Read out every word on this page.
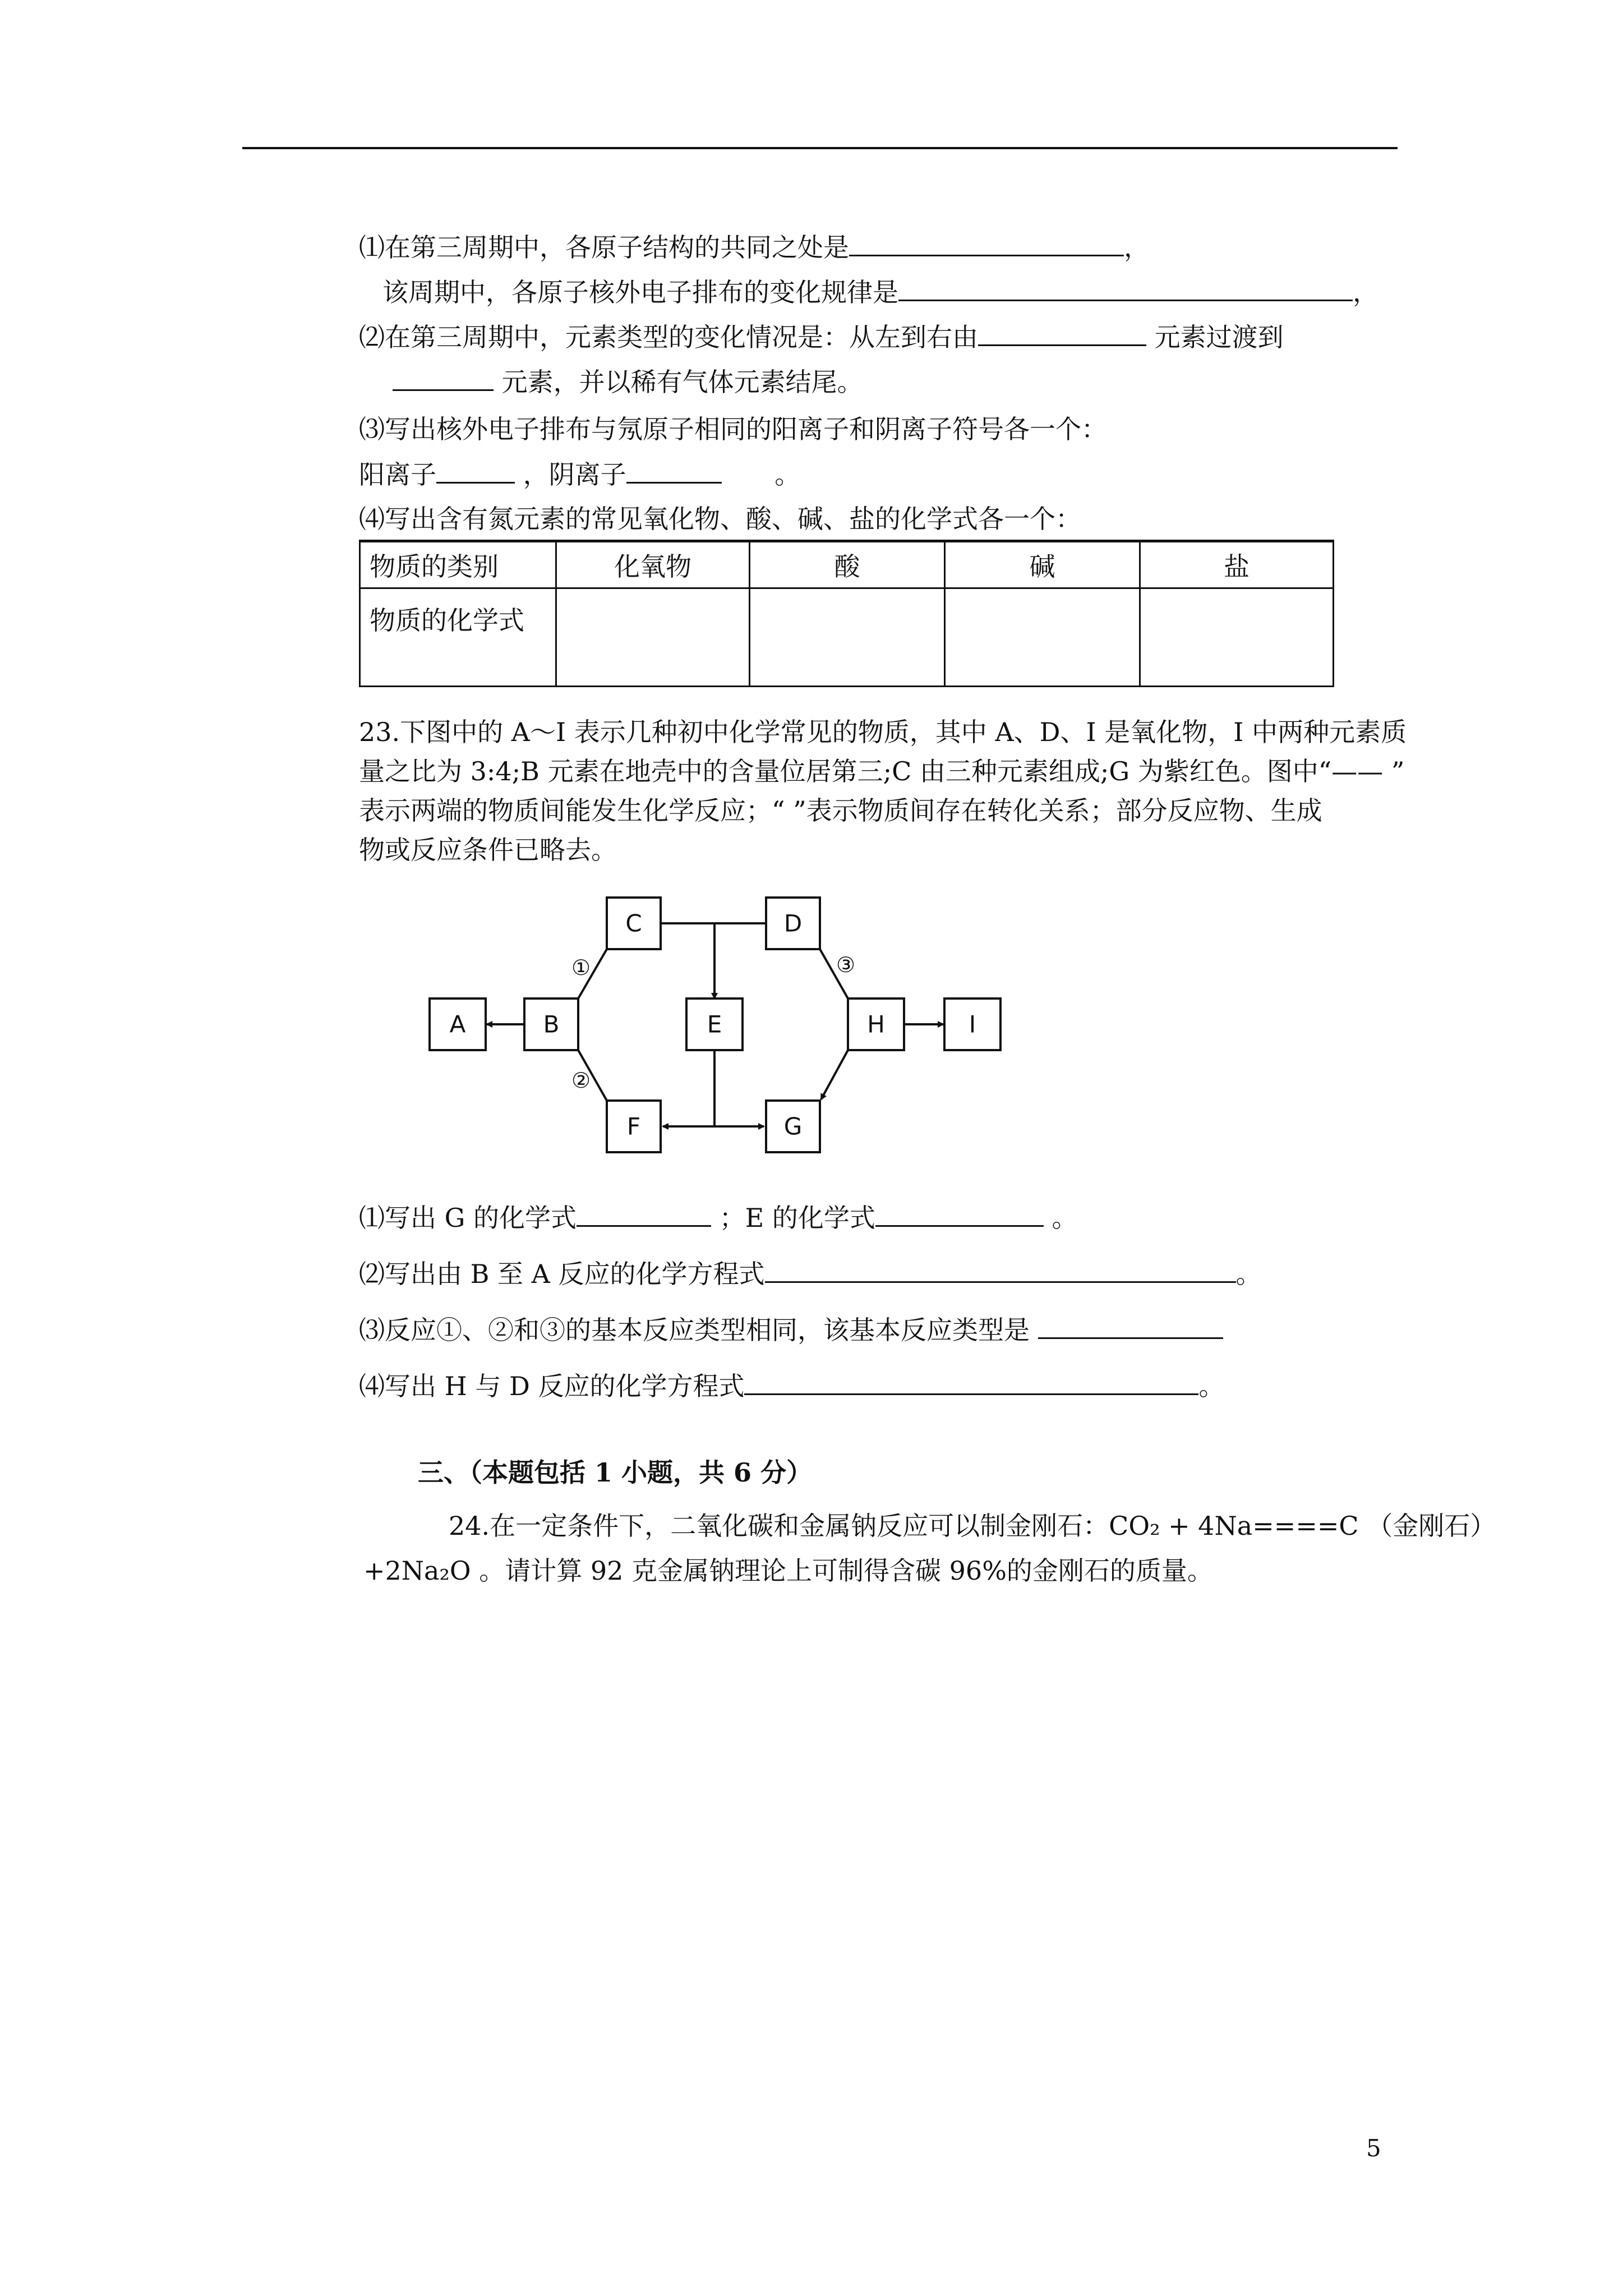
⑴在第三周期中，各原子结构的共同之处是	，
该周期中，各原子核外电子排布的变化规律是	，
⑵在第三周期中，元素类型的变化情况是：从左到右由	元素过渡到
元素，并以稀有气体元素结尾。
⑶写出核外电子排布与氖原子相同的阳离子和阴离子符号各一个：
阳离子	，阴离子	。
⑷写出含有氮元素的常见氧化物、酸、碱、盐的化学式各一个：
物质的类别	化氧物	酸	碱	盐
物质的化学式				
23.下图中的 A～I 表示几种初中化学常见的物质，其中 A、D、I 是氧化物，I 中两种元素质
量之比为 3:4;B 元素在地壳中的含量位居第三;C 由三种元素组成;G 为紫红色。图中“—— ”
表示两端的物质间能发生化学反应；“ ”表示物质间存在转化关系；部分反应物、生成
物或反应条件已略去。
C	D
A	B	E	H	I
F	G
①
②
③
⑴写出 G 的化学式	；E 的化学式	。
⑵写出由 B 至 A 反应的化学方程式	。
⑶反应①、②和③的基本反应类型相同，该基本反应类型是
⑷写出 H 与 D 反应的化学方程式	。
三、（本题包括 1 小题，共 6 分）
24.在一定条件下，二氧化碳和金属钠反应可以制金刚石：CO₂ + 4Na====C （金刚石）
+2Na₂O 。请计算 92 克金属钠理论上可制得含碳 96%的金刚石的质量。
5
